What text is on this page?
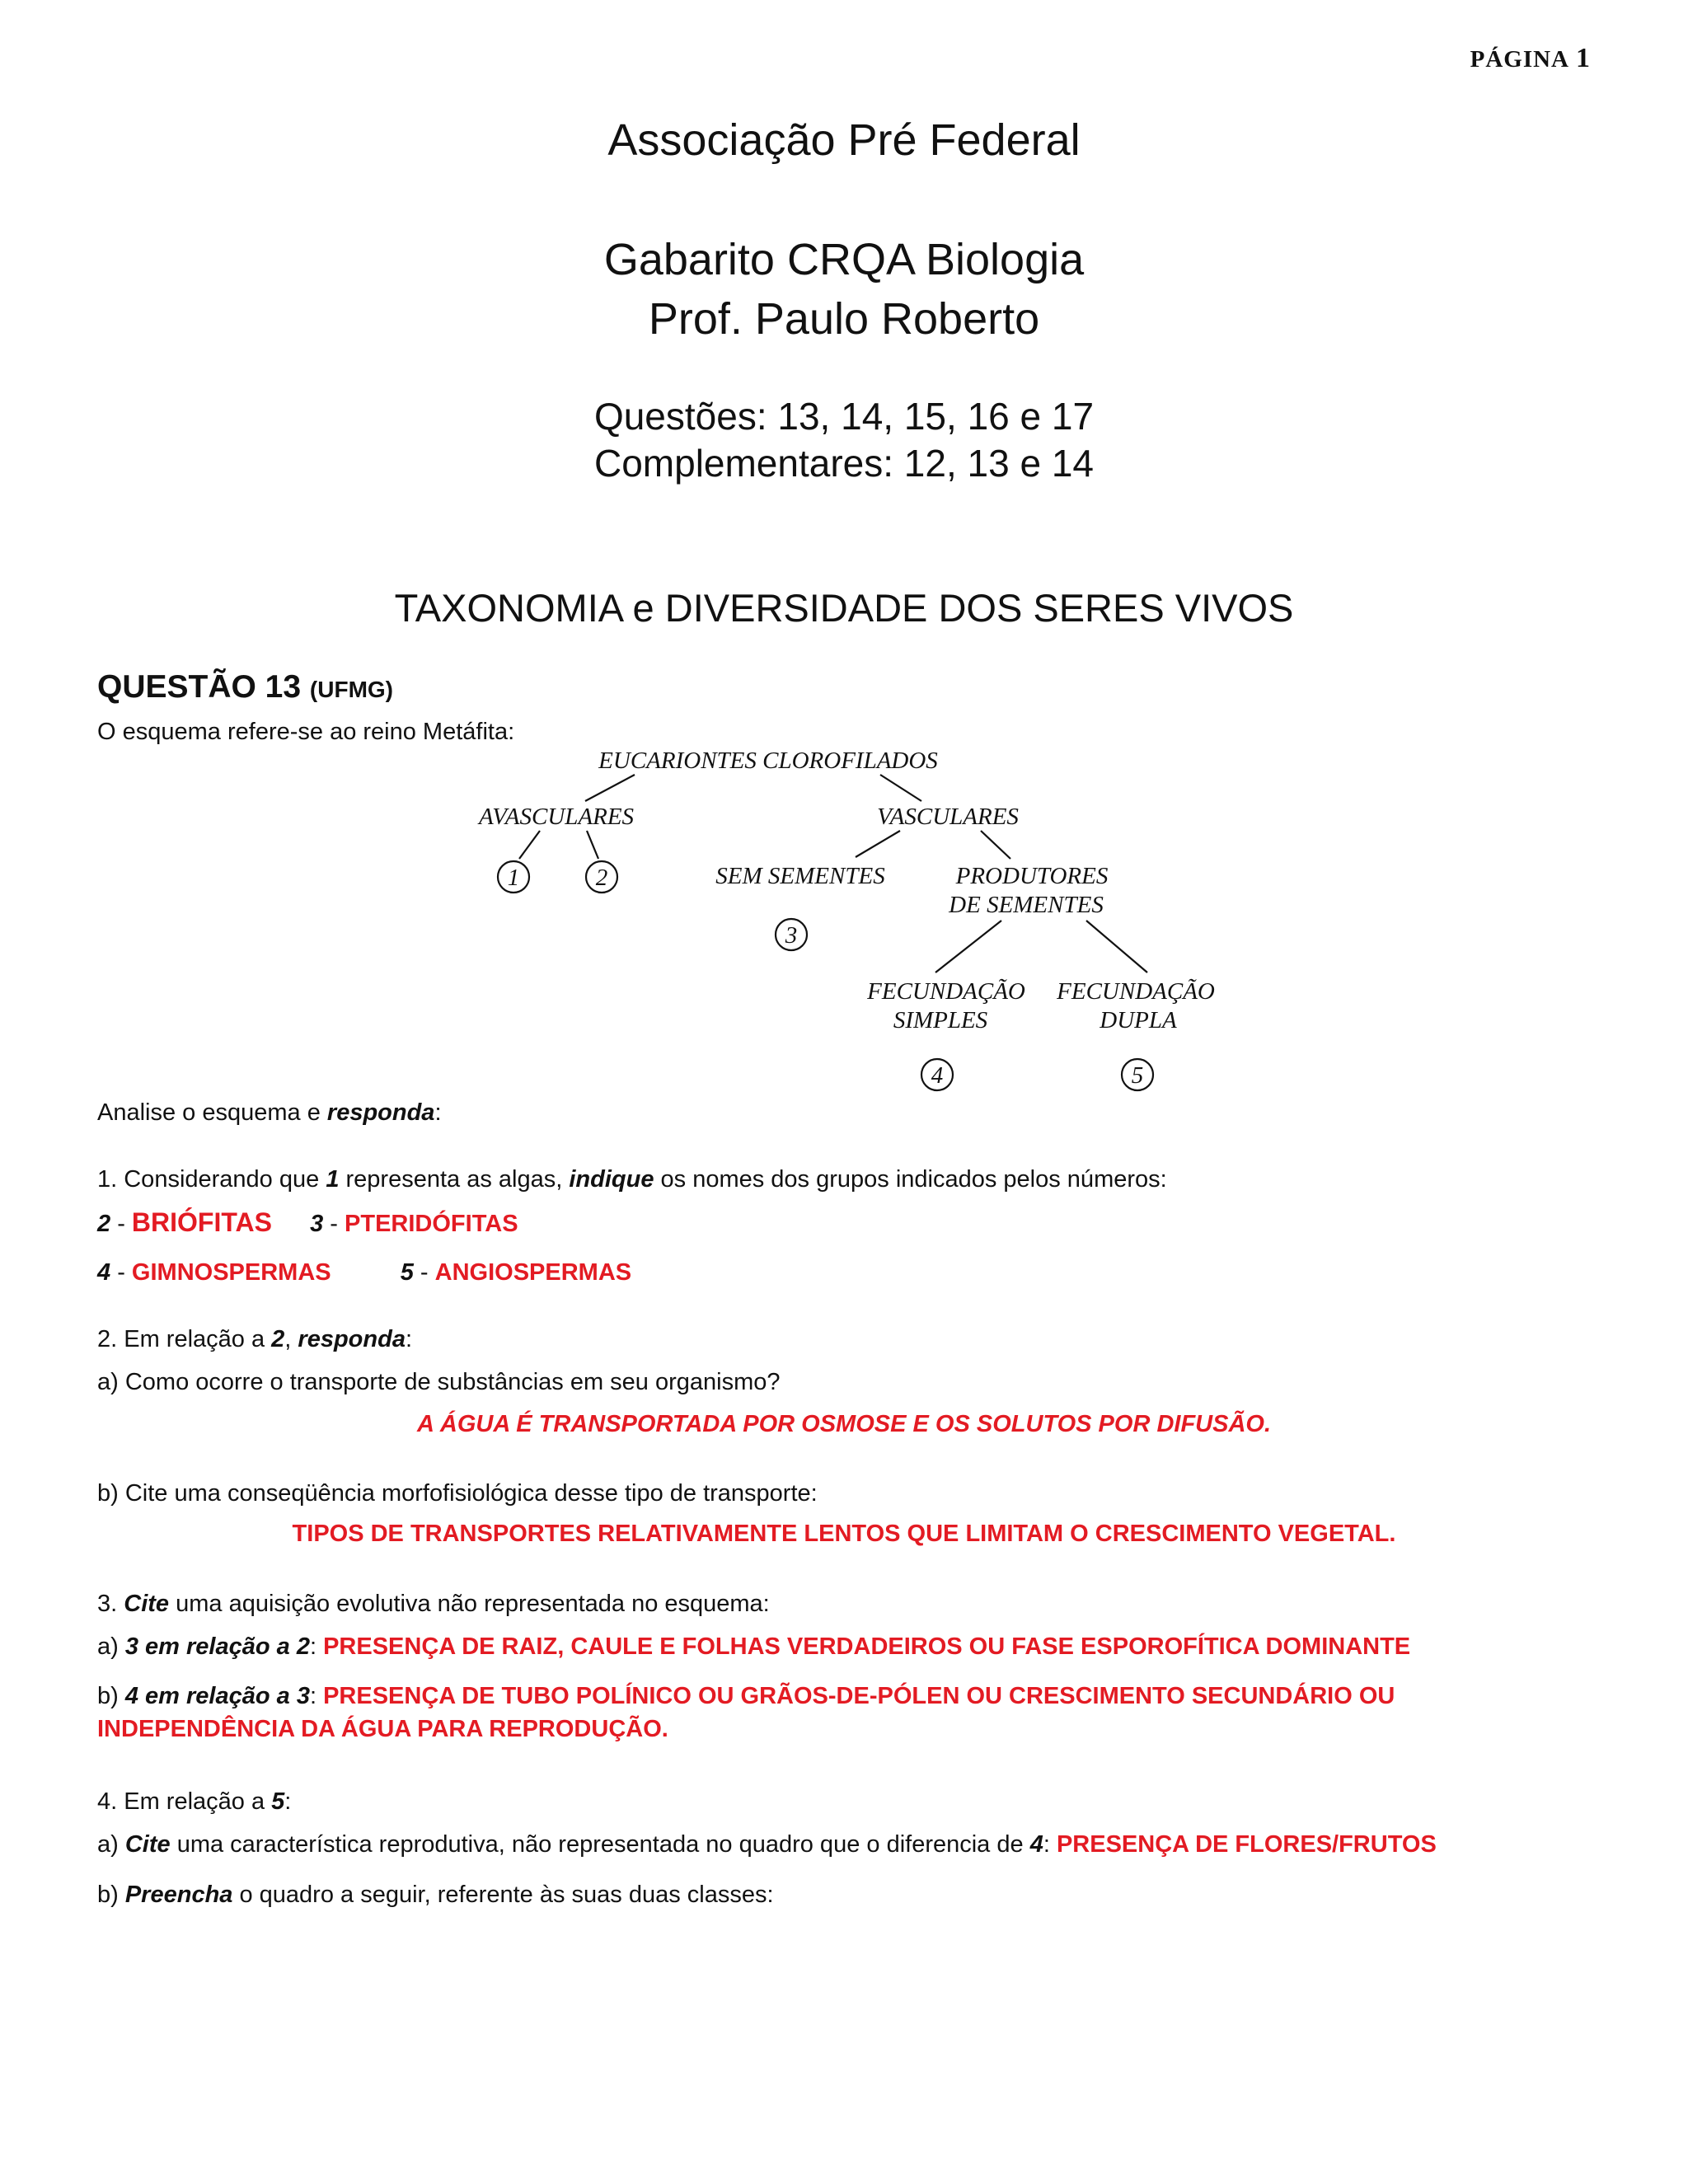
PÁGINA 1
Associação Pré Federal
Gabarito CRQA Biologia
Prof. Paulo Roberto
Questões: 13, 14, 15, 16 e 17
Complementares: 12, 13 e 14
TAXONOMIA e DIVERSIDADE DOS SERES VIVOS
QUESTÃO 13 (UFMG)
O esquema refere-se ao reino Metáfita:
EUCARIONTES CLOROFILADOS
AVASCULARES	VASCULARES
SEM SEMENTES	PRODUTORES
DE SEMENTES
FECUNDAÇÃO
SIMPLES
FECUNDAÇÃO
DUPLA
1	2
3
4	5
Analise o esquema e responda:
1. Considerando que 1 representa as algas, indique os nomes dos grupos indicados pelos números:
2 - BRIÓFITAS 3 - PTERIDÓFITAS
4 - GIMNOSPERMAS	5 - ANGIOSPERMAS
2. Em relação a 2, responda:
a) Como ocorre o transporte de substâncias em seu organismo?
A ÁGUA É TRANSPORTADA POR OSMOSE E OS SOLUTOS POR DIFUSÃO.
b) Cite uma conseqüência morfofisiológica desse tipo de transporte:
TIPOS DE TRANSPORTES RELATIVAMENTE LENTOS QUE LIMITAM O CRESCIMENTO VEGETAL.
3. Cite uma aquisição evolutiva não representada no esquema:
a) 3 em relação a 2: PRESENÇA DE RAIZ, CAULE E FOLHAS VERDADEIROS OU FASE ESPOROFÍTICA DOMINANTE
b) 4 em relação a 3: PRESENÇA DE TUBO POLÍNICO OU GRÃOS-DE-PÓLEN OU CRESCIMENTO SECUNDÁRIO OU INDEPENDÊNCIA DA ÁGUA PARA REPRODUÇÃO.
4. Em relação a 5:
a) Cite uma característica reprodutiva, não representada no quadro que o diferencia de 4: PRESENÇA DE FLORES/FRUTOS
b) Preencha o quadro a seguir, referente às suas duas classes:
